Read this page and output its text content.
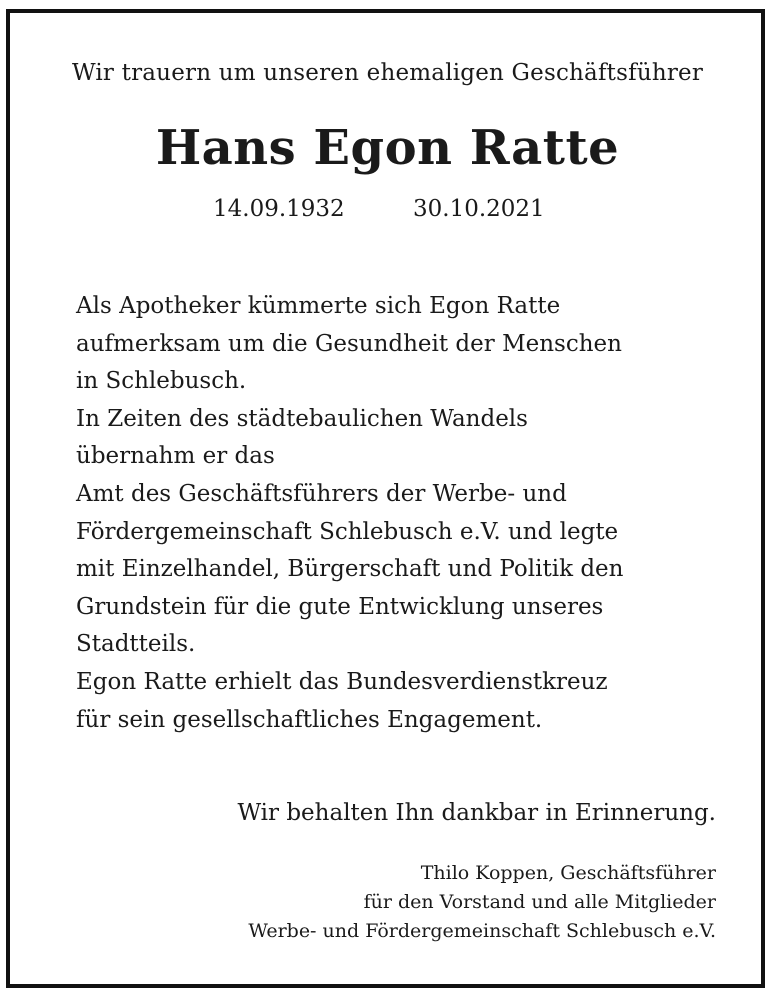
Wir trauern um unseren ehemaligen Geschäftsführer
Hans Egon Ratte
14.09.1932	30.10.2021
Als Apotheker kümmerte sich Egon Ratte
aufmerksam um die Gesundheit der Menschen
in Schlebusch.
In Zeiten des städtebaulichen Wandels
übernahm er das
Amt des Geschäftsführers der Werbe- und
Fördergemeinschaft Schlebusch e.V. und legte
mit Einzelhandel, Bürgerschaft und Politik den
Grundstein für die gute Entwicklung unseres
Stadtteils.
Egon Ratte erhielt das Bundesverdienstkreuz
für sein gesellschaftliches Engagement.
Wir behalten Ihn dankbar in Erinnerung.
Thilo Koppen, Geschäftsführer
für den Vorstand und alle Mitglieder
Werbe- und Fördergemeinschaft Schlebusch e.V.
